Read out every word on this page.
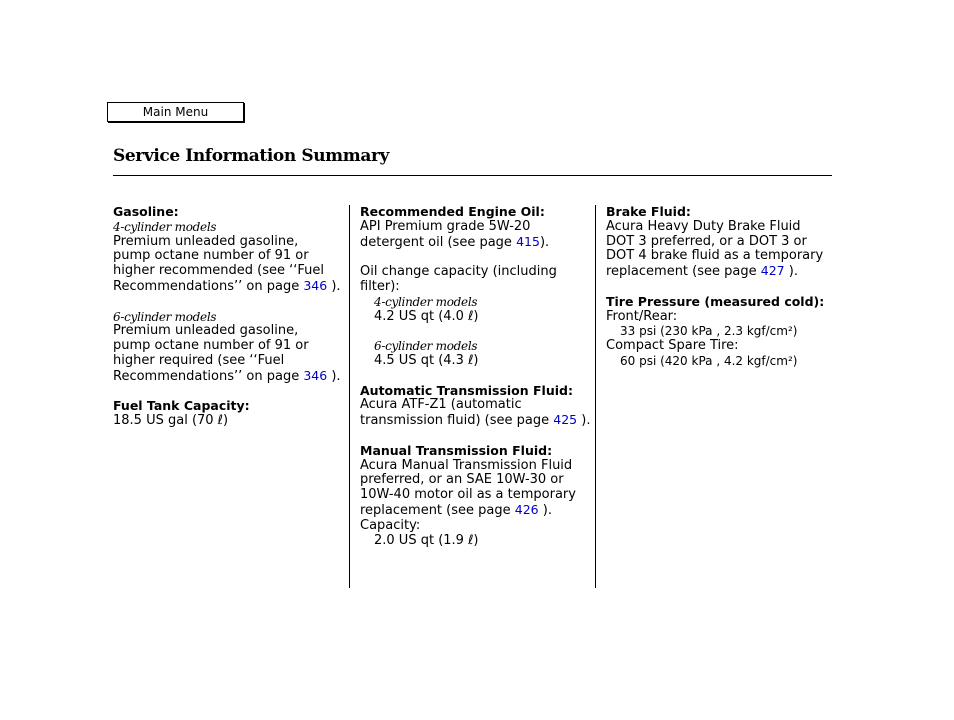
Main Menu
Service Information Summary
Gasoline:
4-cylinder models
Premium unleaded gasoline,
pump octane number of 91 or
higher recommended (see ‘‘Fuel
Recommendations’’ on page 346 ).
6-cylinder models
Premium unleaded gasoline,
pump octane number of 91 or
higher required (see ‘‘Fuel
Recommendations’’ on page 346 ).
Fuel Tank Capacity:
18.5 US gal (70 ℓ)
Recommended Engine Oil:
API Premium grade 5W-20
detergent oil (see page 415).
Oil change capacity (including
filter):
4-cylinder models
4.2 US qt (4.0 ℓ)
6-cylinder models
4.5 US qt (4.3 ℓ)
Automatic Transmission Fluid:
Acura ATF-Z1 (automatic
transmission fluid) (see page 425 ).
Manual Transmission Fluid:
Acura Manual Transmission Fluid
preferred, or an SAE 10W-30 or
10W-40 motor oil as a temporary
replacement (see page 426 ).
Capacity:
2.0 US qt (1.9 ℓ)
Brake Fluid:
Acura Heavy Duty Brake Fluid
DOT 3 preferred, or a DOT 3 or
DOT 4 brake fluid as a temporary
replacement (see page 427 ).
Tire Pressure (measured cold):
Front/Rear:
33 psi (230 kPa , 2.3 kgf/cm²)
Compact Spare Tire:
60 psi (420 kPa , 4.2 kgf/cm²)
